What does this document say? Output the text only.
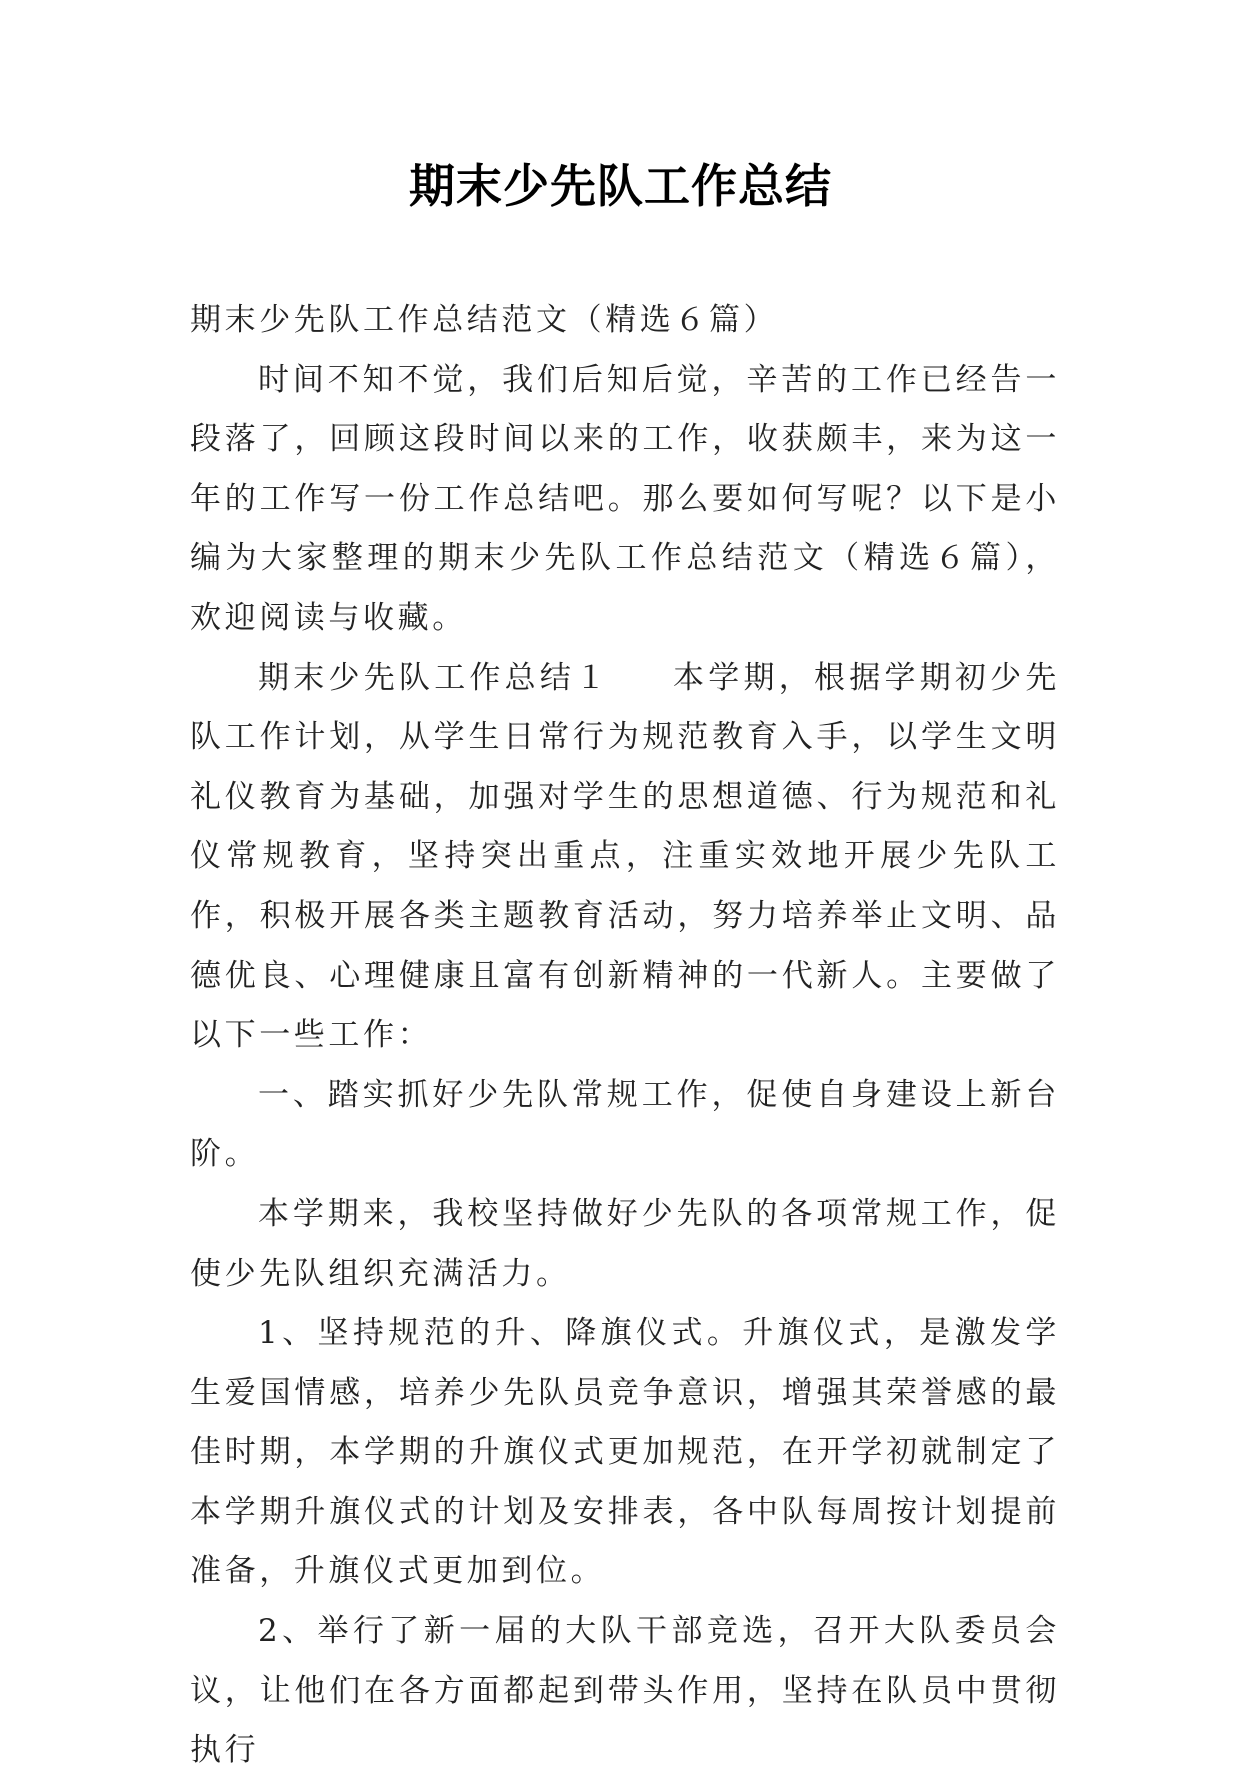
期末少先队工作总结

期末少先队工作总结范文（精选６篇）

时间不知不觉，我们后知后觉，辛苦的工作已经告一段落了，回顾这段时间以来的工作，收获颇丰，来为这一年的工作写一份工作总结吧。那么要如何写呢？以下是小编为大家整理的期末少先队工作总结范文（精选６篇），欢迎阅读与收藏。

期末少先队工作总结１ 本学期，根据学期初少先队工作计划，从学生日常行为规范教育入手，以学生文明礼仪教育为基础，加强对学生的思想道德、行为规范和礼仪常规教育，坚持突出重点，注重实效地开展少先队工作，积极开展各类主题教育活动，努力培养举止文明、品德优良、心理健康且富有创新精神的一代新人。主要做了以下一些工作：

一、踏实抓好少先队常规工作，促使自身建设上新台阶。

本学期来，我校坚持做好少先队的各项常规工作，促使少先队组织充满活力。

1、坚持规范的升、降旗仪式。升旗仪式，是激发学生爱国情感，培养少先队员竞争意识，增强其荣誉感的最佳时期，本学期的升旗仪式更加规范，在开学初就制定了本学期升旗仪式的计划及安排表，各中队每周按计划提前准备，升旗仪式更加到位。

2、举行了新一届的大队干部竞选，召开大队委员会议，让他们在各方面都起到带头作用，坚持在队员中贯彻执行
